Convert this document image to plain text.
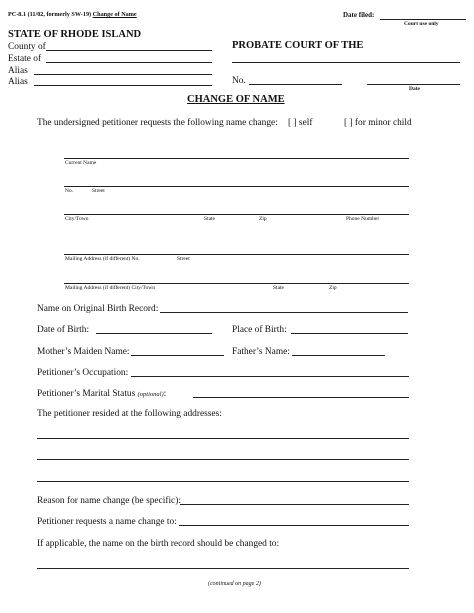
PC-8.1 (11/02, formerly SW-19) Change of Name	Date filed:
Court use only
STATE OF RHODE ISLAND
County of
Estate of
Alias
Alias
PROBATE COURT OF THE
No.
Date
CHANGE OF NAME
The undersigned petitioner requests the following name change: [ ] self	[ ] for minor child
Current Name
No.	Street
City/Town	State	Zip	Phone Number
Mailing Address (if different) No.	Street
Mailing Address (if different) City/Town	State	Zip
Name on Original Birth Record:
Date of Birth:	Place of Birth:
Mother’s Maiden Name:	Father’s Name:
Petitioner’s Occupation:
Petitioner’s Marital Status (optional):
The petitioner resided at the following addresses:
Reason for name change (be specific):
Petitioner requests a name change to:
If applicable, the name on the birth record should be changed to:
(continued on page 2)
